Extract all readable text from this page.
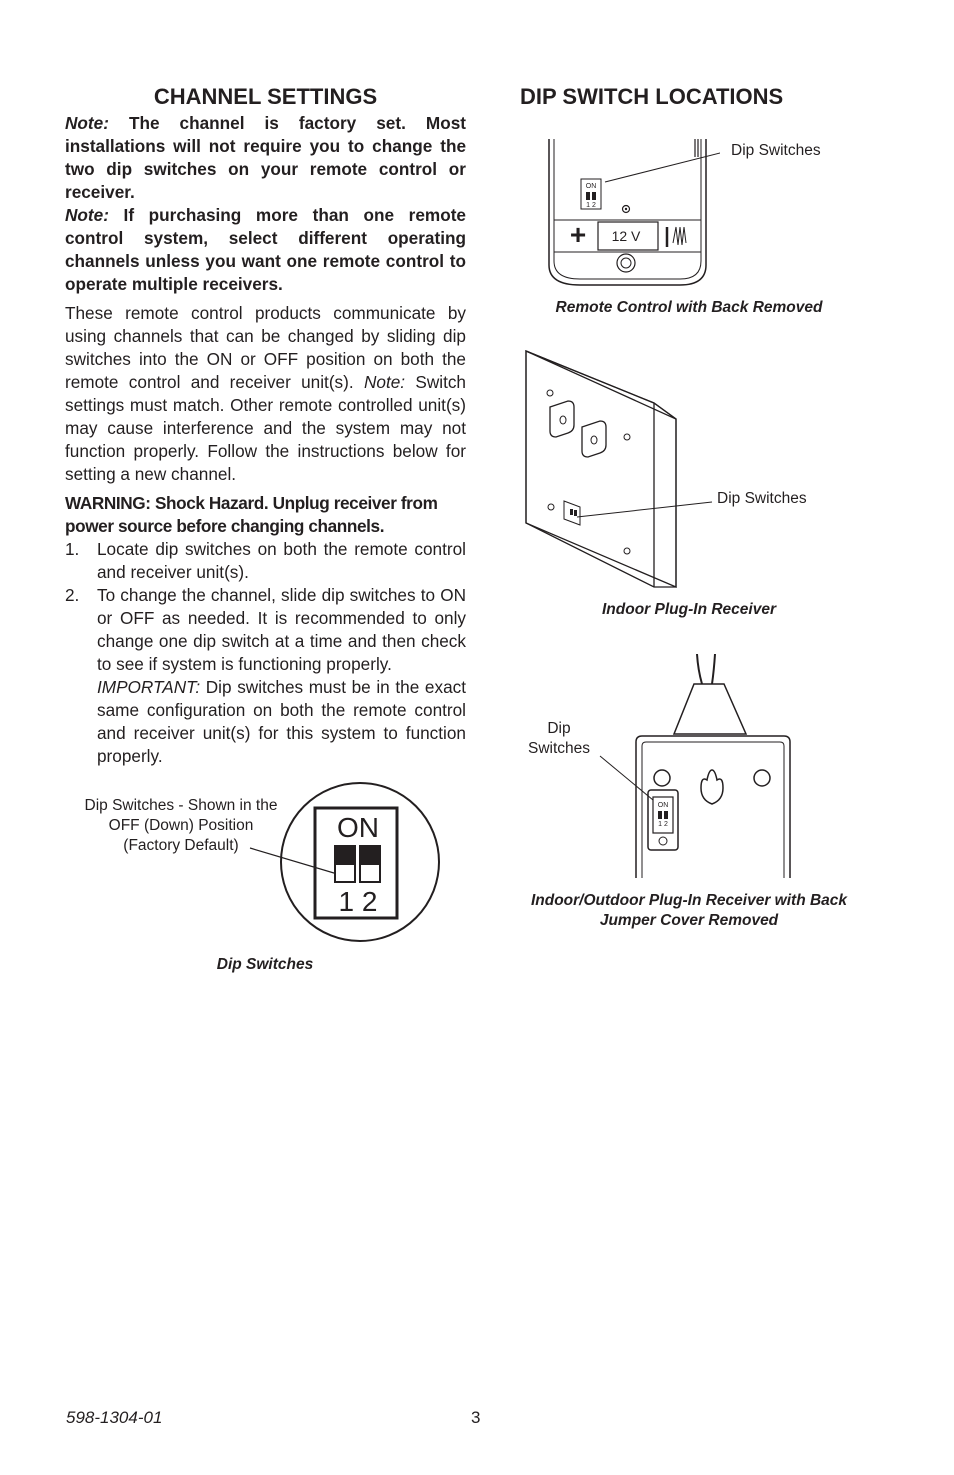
CHANNEL SETTINGS

Note: The channel is factory set. Most installations will not require you to change the two dip switches on your remote control or receiver.

Note: If purchasing more than one remote control system, select different operating channels unless you want one remote control to operate multiple receivers.

These remote control products communicate by using channels that can be changed by sliding dip switches into the ON or OFF position on both the remote control and receiver unit(s). Note: Switch settings must match. Other remote controlled unit(s) may cause interference and the system may not function properly. Follow the instructions below for setting a new channel.

WARNING: Shock Hazard. Unplug receiver from power source before changing channels.

1. Locate dip switches on both the remote control and receiver unit(s).
2. To change the channel, slide dip switches to ON or OFF as needed. It is recommended to only change one dip switch at a time and then check to see if system is functioning properly.
IMPORTANT: Dip switches must be in the exact same configuration on both the remote control and receiver unit(s) for this system to function properly.
Dip Switches - Shown in the
OFF (Down) Position
(Factory Default)
ON
1 2
Dip Switches
DIP SWITCH LOCATIONS
ON
1 2
+ 12 V
Dip Switches
Remote Control with Back Removed
Dip Switches
Indoor Plug-In Receiver
ON
1 2
Dip
Switches
Indoor/Outdoor Plug-In Receiver with Back
Jumper Cover Removed
598-1304-01	3
